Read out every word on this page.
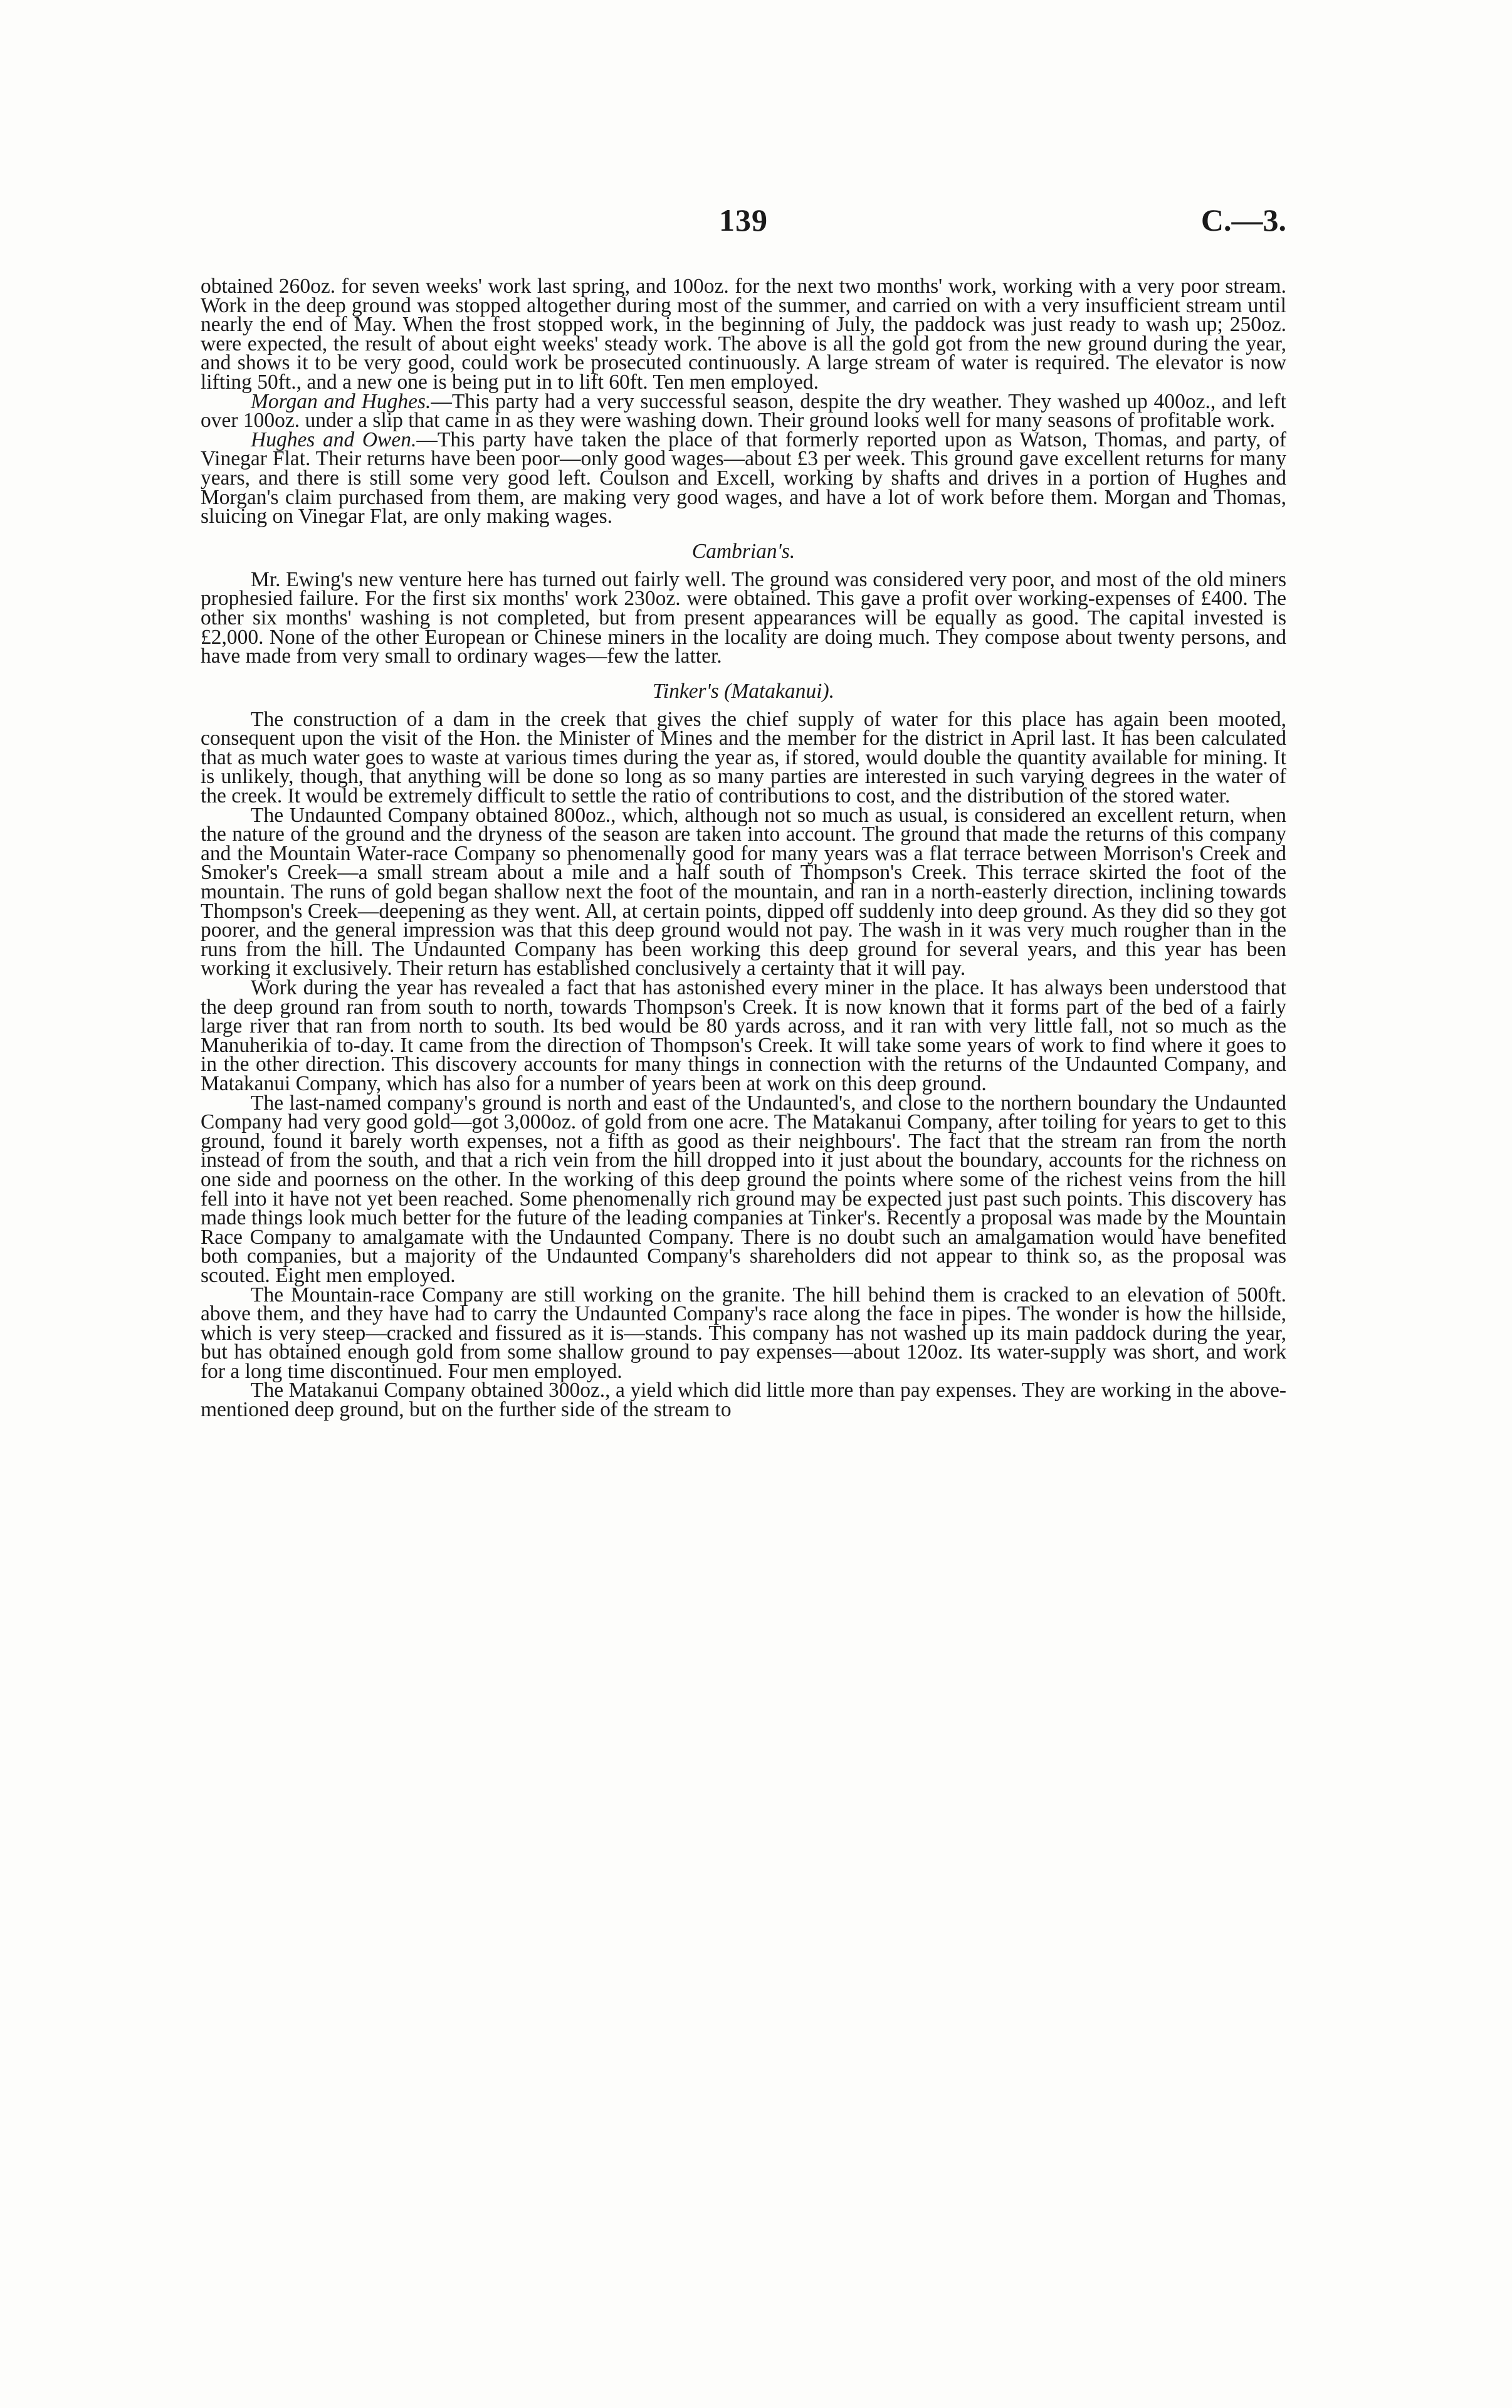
139	C.—3.

obtained 260oz. for seven weeks' work last spring, and 100oz. for the next two months' work, working with a very poor stream. Work in the deep ground was stopped altogether during most of the summer, and carried on with a very insufficient stream until nearly the end of May. When the frost stopped work, in the beginning of July, the paddock was just ready to wash up; 250oz. were expected, the result of about eight weeks' steady work. The above is all the gold got from the new ground during the year, and shows it to be very good, could work be prosecuted continuously. A large stream of water is required. The elevator is now lifting 50ft., and a new one is being put in to lift 60ft. Ten men employed.

Morgan and Hughes.—This party had a very successful season, despite the dry weather. They washed up 400oz., and left over 100oz. under a slip that came in as they were washing down. Their ground looks well for many seasons of profitable work.

Hughes and Owen.—This party have taken the place of that formerly reported upon as Watson, Thomas, and party, of Vinegar Flat. Their returns have been poor—only good wages—about £3 per week. This ground gave excellent returns for many years, and there is still some very good left. Coulson and Excell, working by shafts and drives in a portion of Hughes and Morgan's claim purchased from them, are making very good wages, and have a lot of work before them. Morgan and Thomas, sluicing on Vinegar Flat, are only making wages.

Cambrian's.

Mr. Ewing's new venture here has turned out fairly well. The ground was considered very poor, and most of the old miners prophesied failure. For the first six months' work 230oz. were obtained. This gave a profit over working-expenses of £400. The other six months' washing is not completed, but from present appearances will be equally as good. The capital invested is £2,000. None of the other European or Chinese miners in the locality are doing much. They compose about twenty persons, and have made from very small to ordinary wages—few the latter.

Tinker's (Matakanui).

The construction of a dam in the creek that gives the chief supply of water for this place has again been mooted, consequent upon the visit of the Hon. the Minister of Mines and the member for the district in April last. It has been calculated that as much water goes to waste at various times during the year as, if stored, would double the quantity available for mining. It is unlikely, though, that anything will be done so long as so many parties are interested in such varying degrees in the water of the creek. It would be extremely difficult to settle the ratio of contributions to cost, and the distribution of the stored water.

The Undaunted Company obtained 800oz., which, although not so much as usual, is considered an excellent return, when the nature of the ground and the dryness of the season are taken into account. The ground that made the returns of this company and the Mountain Water-race Company so phenomenally good for many years was a flat terrace between Morrison's Creek and Smoker's Creek—a small stream about a mile and a half south of Thompson's Creek. This terrace skirted the foot of the mountain. The runs of gold began shallow next the foot of the mountain, and ran in a north-easterly direction, inclining towards Thompson's Creek—deepening as they went. All, at certain points, dipped off suddenly into deep ground. As they did so they got poorer, and the general impression was that this deep ground would not pay. The wash in it was very much rougher than in the runs from the hill. The Undaunted Company has been working this deep ground for several years, and this year has been working it exclusively. Their return has established conclusively a certainty that it will pay.

Work during the year has revealed a fact that has astonished every miner in the place. It has always been understood that the deep ground ran from south to north, towards Thompson's Creek. It is now known that it forms part of the bed of a fairly large river that ran from north to south. Its bed would be 80 yards across, and it ran with very little fall, not so much as the Manuherikia of to-day. It came from the direction of Thompson's Creek. It will take some years of work to find where it goes to in the other direction. This discovery accounts for many things in connection with the returns of the Undaunted Company, and Matakanui Company, which has also for a number of years been at work on this deep ground.

The last-named company's ground is north and east of the Undaunted's, and close to the northern boundary the Undaunted Company had very good gold—got 3,000oz. of gold from one acre. The Matakanui Company, after toiling for years to get to this ground, found it barely worth expenses, not a fifth as good as their neighbours'. The fact that the stream ran from the north instead of from the south, and that a rich vein from the hill dropped into it just about the boundary, accounts for the richness on one side and poorness on the other. In the working of this deep ground the points where some of the richest veins from the hill fell into it have not yet been reached. Some phenomenally rich ground may be expected just past such points. This discovery has made things look much better for the future of the leading companies at Tinker's. Recently a proposal was made by the Mountain Race Company to amalgamate with the Undaunted Company. There is no doubt such an amalgamation would have benefited both companies, but a majority of the Undaunted Company's shareholders did not appear to think so, as the proposal was scouted. Eight men employed.

The Mountain-race Company are still working on the granite. The hill behind them is cracked to an elevation of 500ft. above them, and they have had to carry the Undaunted Company's race along the face in pipes. The wonder is how the hillside, which is very steep—cracked and fissured as it is—stands. This company has not washed up its main paddock during the year, but has obtained enough gold from some shallow ground to pay expenses—about 120oz. Its water-supply was short, and work for a long time discontinued. Four men employed.

The Matakanui Company obtained 300oz., a yield which did little more than pay expenses. They are working in the above-mentioned deep ground, but on the further side of the stream to
